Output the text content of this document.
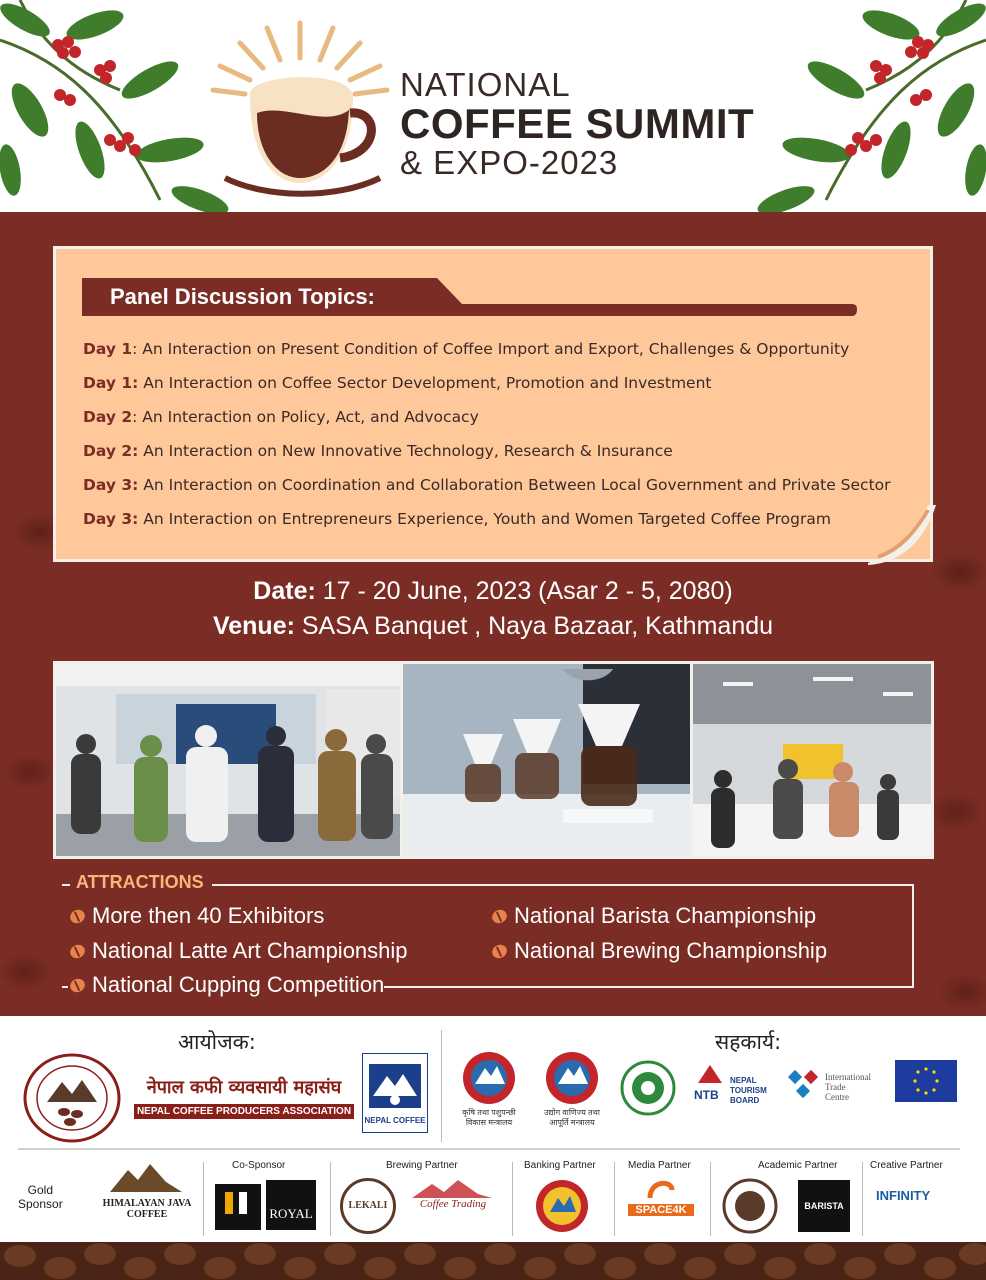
NATIONAL
COFFEE SUMMIT
& EXPO-2023
Panel Discussion Topics:
Day 1: An Interaction on Present Condition of Coffee Import and Export, Challenges & Opportunity
Day 1: An Interaction on Coffee Sector Development, Promotion and Investment
Day 2: An Interaction on Policy, Act, and Advocacy
Day 2: An Interaction on New Innovative Technology, Research & Insurance
Day 3: An Interaction on Coordination and Collaboration Between Local Government and Private Sector
Day 3: An Interaction on Entrepreneurs Experience, Youth and Women Targeted Coffee Program
Date: 17 - 20 June, 2023 (Asar 2 - 5, 2080)
Venue: SASA Banquet , Naya Bazaar, Kathmandu
ATTRACTIONS
More then 40 Exhibitors	National Barista Championship
National Latte Art Championship	National Brewing Championship
National Cupping Competition
आयोजक:	सहकार्य:
नेपाल कफी व्यवसायी महासंघ
NEPAL COFFEE PRODUCERS ASSOCIATION
NEPAL COFFEE
कृषि तथा पशुपन्छी
विकास मन्त्रालय
उद्योग वाणिज्य तथा
आपूर्ति मन्त्रालय
NTB
NEPAL
TOURISM
BOARD
International
Trade
Centre
Gold
Sponsor	HIMALAYAN JAVA
COFFEE
Co-Sponsor
ROYAL
Brewing Partner
LEKALI	Coffee Trading
Banking Partner	Media Partner
SPACE4K
Academic Partner
BARISTA
Creative Partner
INFINITY
